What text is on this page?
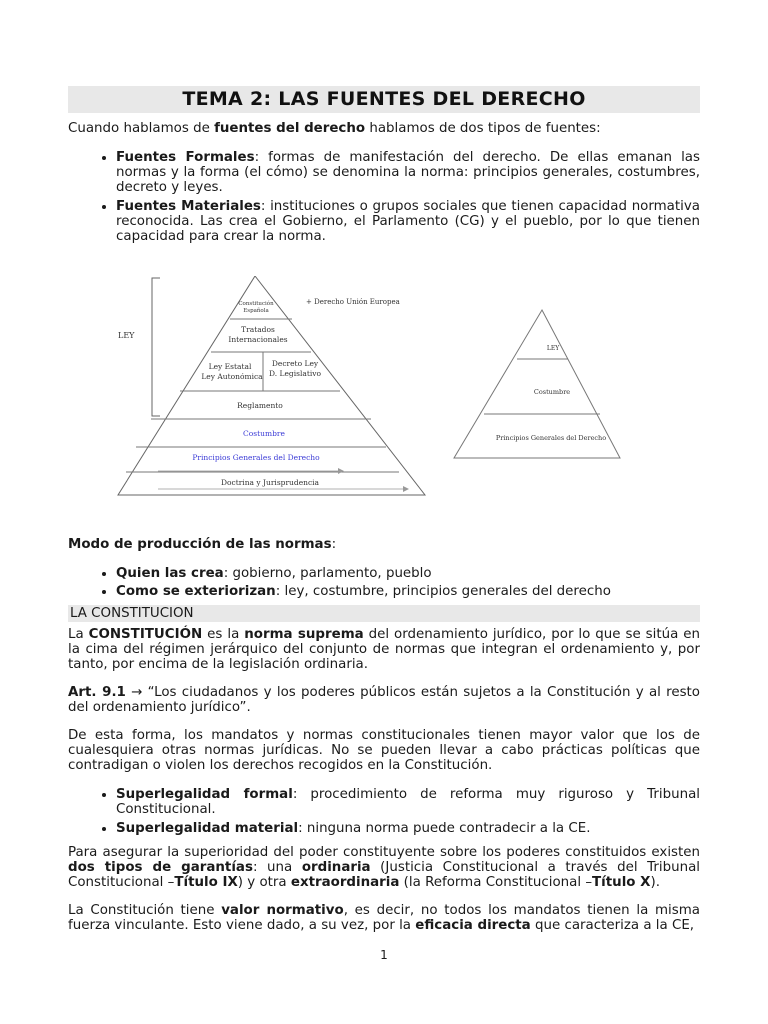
TEMA 2: LAS FUENTES DEL DERECHO

Cuando hablamos de fuentes del derecho hablamos de dos tipos de fuentes:

• Fuentes Formales: formas de manifestación del derecho. De ellas emanan las normas y la forma (el cómo) se denomina la norma: principios generales, costumbres, decreto y leyes.
• Fuentes Materiales: instituciones o grupos sociales que tienen capacidad normativa reconocida. Las crea el Gobierno, el Parlamento (CG) y el pueblo, por lo que tienen capacidad para crear la norma.
LEY
Constitución
Española
+ Derecho Unión Europea
Tratados
Internacionales
Ley Estatal
Ley Autonómica
Decreto Ley
D. Legislativo
Reglamento
Costumbre
Principios Generales del Derecho
Doctrina y Jurisprudencia
LEY
Costumbre
Principios Generales del Derecho

Modo de producción de las normas:

• Quien las crea: gobierno, parlamento, pueblo
• Como se exteriorizan: ley, costumbre, principios generales del derecho
LA CONSTITUCION

La CONSTITUCIÓN es la norma suprema del ordenamiento jurídico, por lo que se sitúa en la cima del régimen jerárquico del conjunto de normas que integran el ordenamiento y, por tanto, por encima de la legislación ordinaria.

Art. 9.1 → “Los ciudadanos y los poderes públicos están sujetos a la Constitución y al resto del ordenamiento jurídico”.

De esta forma, los mandatos y normas constitucionales tienen mayor valor que los de cualesquiera otras normas jurídicas. No se pueden llevar a cabo prácticas políticas que contradigan o violen los derechos recogidos en la Constitución.

• Superlegalidad formal: procedimiento de reforma muy riguroso y Tribunal Constitucional.
• Superlegalidad material: ninguna norma puede contradecir a la CE.

Para asegurar la superioridad del poder constituyente sobre los poderes constituidos existen dos tipos de garantías: una ordinaria (Justicia Constitucional a través del Tribunal Constitucional –Título IX) y otra extraordinaria (la Reforma Constitucional –Título X).

La Constitución tiene valor normativo, es decir, no todos los mandatos tienen la misma fuerza vinculante. Esto viene dado, a su vez, por la eficacia directa que caracteriza a la CE,

1
